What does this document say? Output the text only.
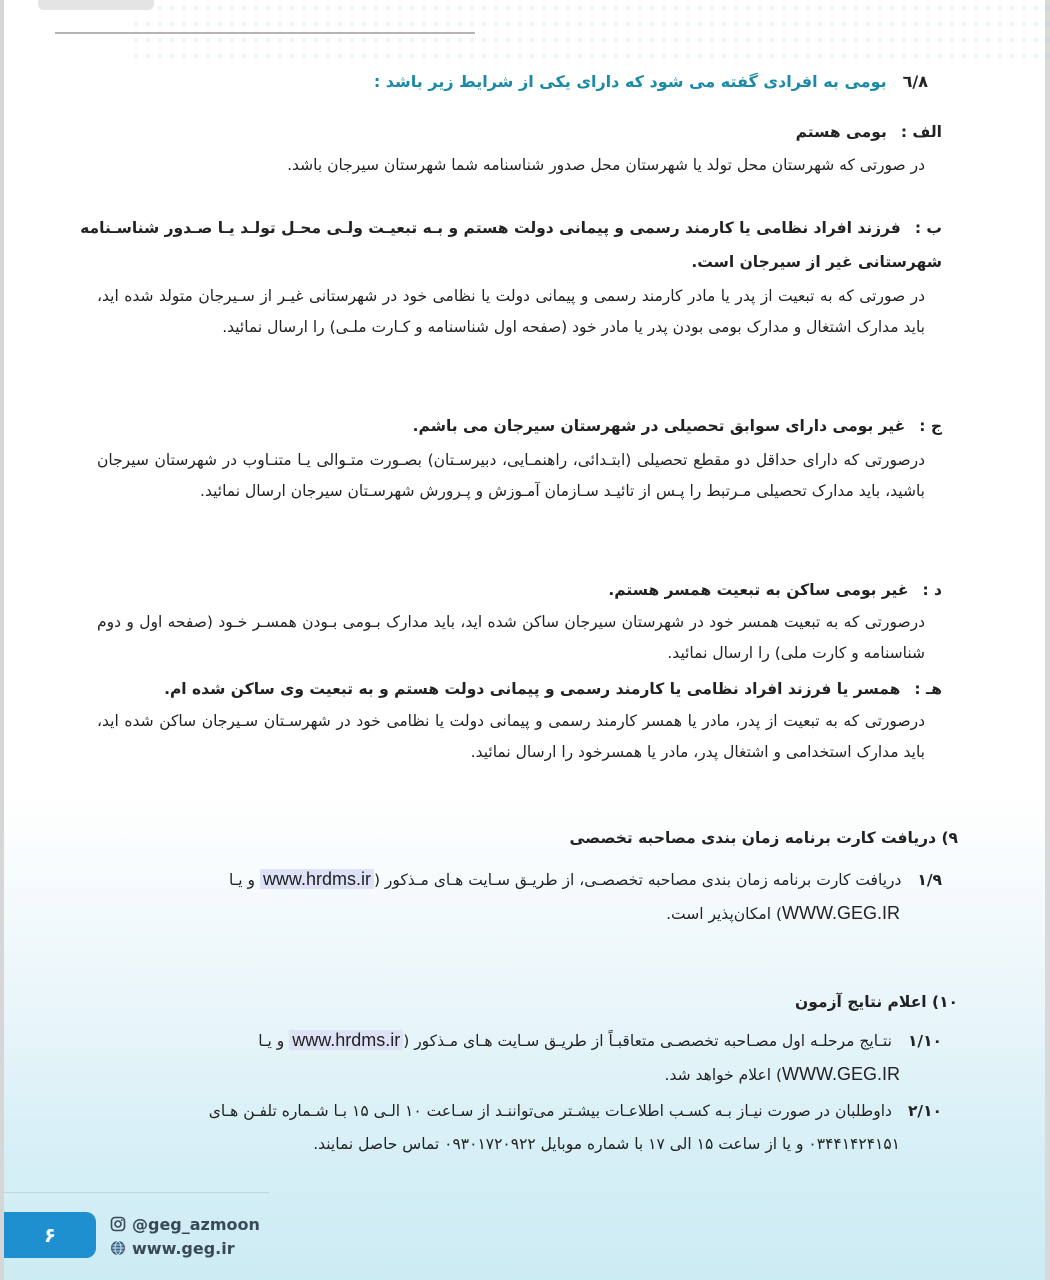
٦/٨بومی به افرادی گفته می شود که دارای یکی از شرایط زیر باشد :
الف :بومی هستم
در صورتی که شهرستان محل تولد یا شهرستان محل صدور شناسنامه شما شهرستان سیرجان باشد.
ب :فرزند افراد نظامی یا کارمند رسمی و پیمانی دولت هستم و بـه تبعیـت ولـی محـل تولـد یـا صـدور شناسـنامه
شهرستانی غیر از سیرجان است.
در صورتی که به تبعیت از پدر یا مادر کارمند رسمی و پیمانی دولت یا نظامی خود در شهرستانی غیـر از سـیرجان متولد شده اید، باید مدارک اشتغال و مدارک بومی بودن پدر یا مادر خود (صفحه اول شناسنامه و کـارت ملـی) را ارسال نمائید.
ج :غیر بومی دارای سوابق تحصیلی در شهرستان سیرجان می باشم.
درصورتی که دارای حداقل دو مقطع تحصیلی (ابتـدائی، راهنمـایی، دبیرسـتان) بصـورت متـوالی یـا متنـاوب در شهرستان سیرجان باشید، باید مدارک تحصیلی مـرتبط را پـس از تائیـد سـازمان آمـوزش و پـرورش شهرسـتان سیرجان ارسال نمائید.
د :غیر بومی ساکن به تبعیت همسر هستم.
درصورتی که به تبعیت همسر خود در شهرستان سیرجان ساکن شده اید، باید مدارک بـومی بـودن همسـر خـود (صفحه اول و دوم شناسنامه و کارت ملی) را ارسال نمائید.
هـ :همسر یا فرزند افراد نظامی یا کارمند رسمی و پیمانی دولت هستم و به تبعیت وی ساکن شده ام.
درصورتی که به تبعیت از پدر، مادر یا همسر کارمند رسمی و پیمانی دولت یا نظامی خود در شهرسـتان سـیرجان ساکن شده اید، باید مدارک استخدامی و اشتغال پدر، مادر یا همسرخود را ارسال نمائید.
۹) دریافت کارت برنامه زمان بندی مصاحبه تخصصی
۱/۹دریافت کارت برنامه زمان بندی مصاحبه تخصصـی، از طریـق سـایت هـای مـذکور (www.hrdms.ir و یـا
WWW.GEG.IR) امکان‌پذیر است.
۱۰) اعلام نتایج آزمون
۱/۱۰نتـایج مرحلـه اول مصـاحبه تخصصـی متعاقبـاً از طریـق سـایت هـای مـذکور (www.hrdms.ir و یـا
WWW.GEG.IR) اعلام خواهد شد.
۲/۱۰داوطلبان در صورت نیـاز بـه کسـب اطلاعـات بیشـتر می‌تواننـد از سـاعت ۱۰ الـی ۱۵ بـا شـماره تلفـن هـای
۰۳۴۴۱۴۲۴۱۵۱ و یا از ساعت ۱۵ الی ۱۷ با شماره موبایل ۰۹۳۰۱۷۲۰۹۲۲ تماس حاصل نمایند.
۶	@geg_azmoon
www.geg.ir
